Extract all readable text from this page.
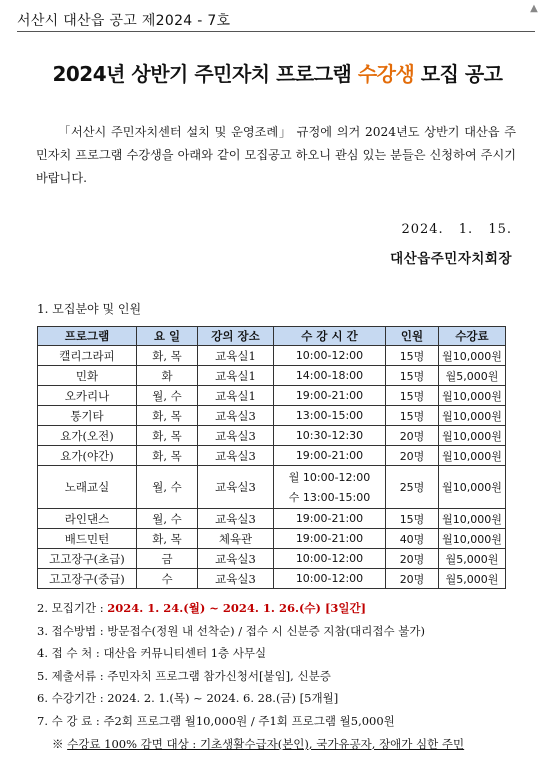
서산시 대산읍 공고 제2024 - 7호
▲
2024년 상반기 주민자치 프로그램 수강생 모집 공고
「서산시 주민자치센터 설치 및 운영조례」 규정에 의거 2024년도 상반기 대산읍 주민자치 프로그램 수강생을 아래와 같이 모집공고 하오니 관심 있는 분들은 신청하여 주시기 바랍니다.
2024. 1. 15.
대산읍주민자치회장
1. 모집분야 및 인원
프로그램	요 일	강의 장소	수 강 시 간	인원	수강료
캘리그라피	화, 목	교육실1	10:00-12:00	15명	월10,000원
민화	화	교육실1	14:00-18:00	15명	월5,000원
오카리나	월, 수	교육실1	19:00-21:00	15명	월10,000원
통기타	화, 목	교육실3	13:00-15:00	15명	월10,000원
요가(오전)	화, 목	교육실3	10:30-12:30	20명	월10,000원
요가(야간)	화, 목	교육실3	19:00-21:00	20명	월10,000원
노래교실	월, 수	교육실3	월 10:00-12:00
수 13:00-15:00	25명	월10,000원
라인댄스	월, 수	교육실3	19:00-21:00	15명	월10,000원
배드민턴	화, 목	체육관	19:00-21:00	40명	월10,000원
고고장구(초급)	금	교육실3	10:00-12:00	20명	월5,000원
고고장구(중급)	수	교육실3	10:00-12:00	20명	월5,000원
2. 모집기간 : 2024. 1. 24.(월) ~ 2024. 1. 26.(수) [3일간]
3. 접수방법 : 방문접수(정원 내 선착순) / 접수 시 신분증 지참(대리접수 불가)
4. 접 수 처 : 대산읍 커뮤니티센터 1층 사무실
5. 제출서류 : 주민자치 프로그램 참가신청서[붙임], 신분증
6. 수강기간 : 2024. 2. 1.(목) ~ 2024. 6. 28.(금) [5개월]
7. 수 강 료 : 주2회 프로그램 월10,000원 / 주1회 프로그램 월5,000원
※ 수강료 100% 감면 대상 : 기초생활수급자(본인), 국가유공자, 장애가 심한 주민
